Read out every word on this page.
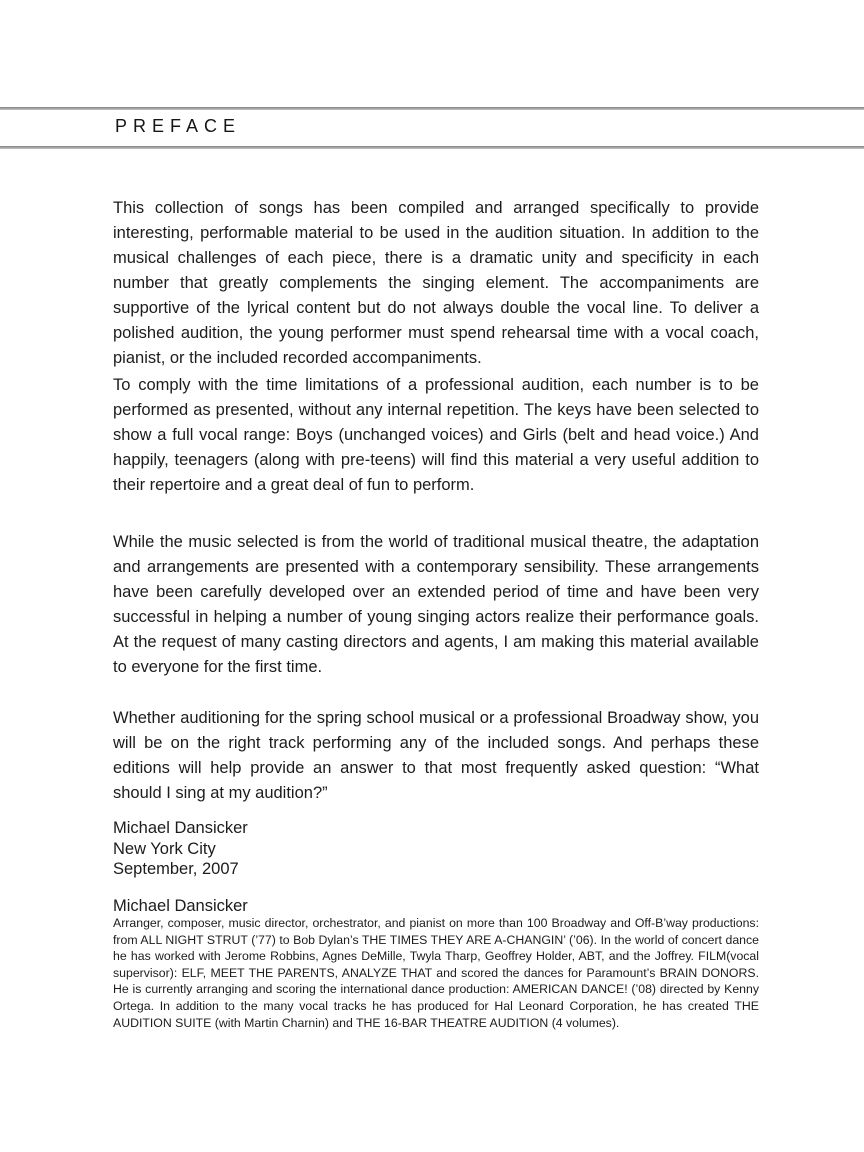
PREFACE

This collection of songs has been compiled and arranged specifically to provide interesting, performable material to be used in the audition situation. In addition to the musical challenges of each piece, there is a dramatic unity and specificity in each number that greatly complements the singing element. The accompaniments are supportive of the lyrical content but do not always double the vocal line. To deliver a polished audition, the young performer must spend rehearsal time with a vocal coach, pianist, or the included recorded accompaniments.

To comply with the time limitations of a professional audition, each number is to be performed as presented, without any internal repetition. The keys have been selected to show a full vocal range: Boys (unchanged voices) and Girls (belt and head voice.) And happily, teenagers (along with pre-teens) will find this material a very useful addition to their repertoire and a great deal of fun to perform.

While the music selected is from the world of traditional musical theatre, the adaptation and arrangements are presented with a contemporary sensibility. These arrangements have been carefully developed over an extended period of time and have been very successful in helping a number of young singing actors realize their performance goals. At the request of many casting directors and agents, I am making this material available to everyone for the first time.

Whether auditioning for the spring school musical or a professional Broadway show, you will be on the right track performing any of the included songs. And perhaps these editions will help provide an answer to that most frequently asked question: “What should I sing at my audition?”

Michael Dansicker
New York City
September, 2007
Michael Dansicker

Arranger, composer, music director, orchestrator, and pianist on more than 100 Broadway and Off-B’way productions: from ALL NIGHT STRUT (’77) to Bob Dylan’s THE TIMES THEY ARE A-CHANGIN’ (’06). In the world of concert dance he has worked with Jerome Robbins, Agnes DeMille, Twyla Tharp, Geoffrey Holder, ABT, and the Joffrey. FILM(vocal supervisor): ELF, MEET THE PARENTS, ANALYZE THAT and scored the dances for Paramount’s BRAIN DONORS. He is currently arranging and scoring the international dance production: AMERICAN DANCE! (’08) directed by Kenny Ortega. In addition to the many vocal tracks he has produced for Hal Leonard Corporation, he has created THE AUDITION SUITE (with Martin Charnin) and THE 16-BAR THEATRE AUDITION (4 volumes).
